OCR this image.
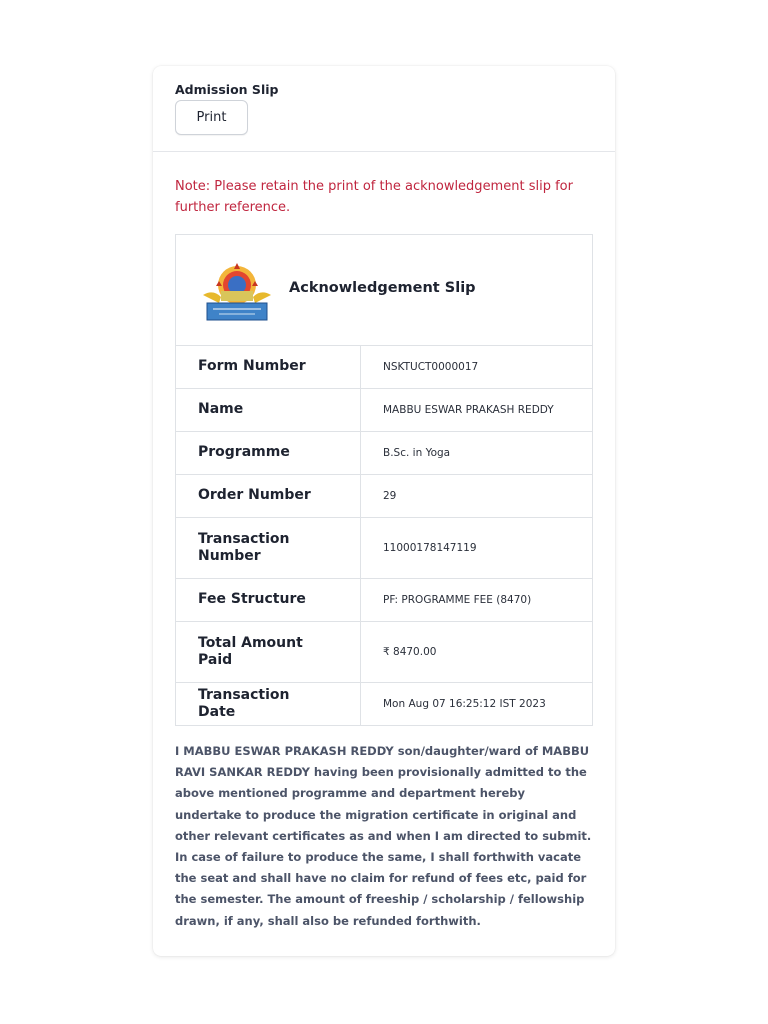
Admission Slip
Print
Note: Please retain the print of the acknowledgement slip for further reference.
Acknowledgement Slip
Form Number	NSKTUCT0000017
Name	MABBU ESWAR PRAKASH REDDY
Programme	B.Sc. in Yoga
Order Number	29
Transaction Number	11000178147119
Fee Structure	PF: PROGRAMME FEE (8470)
Total Amount Paid	₹ 8470.00
Transaction Date	Mon Aug 07 16:25:12 IST 2023
I MABBU ESWAR PRAKASH REDDY son/daughter/ward of MABBU RAVI SANKAR REDDY having been provisionally admitted to the above mentioned programme and department hereby undertake to produce the migration certificate in original and other relevant certificates as and when I am directed to submit. In case of failure to produce the same, I shall forthwith vacate the seat and shall have no claim for refund of fees etc, paid for the semester. The amount of freeship / scholarship / fellowship drawn, if any, shall also be refunded forthwith.
